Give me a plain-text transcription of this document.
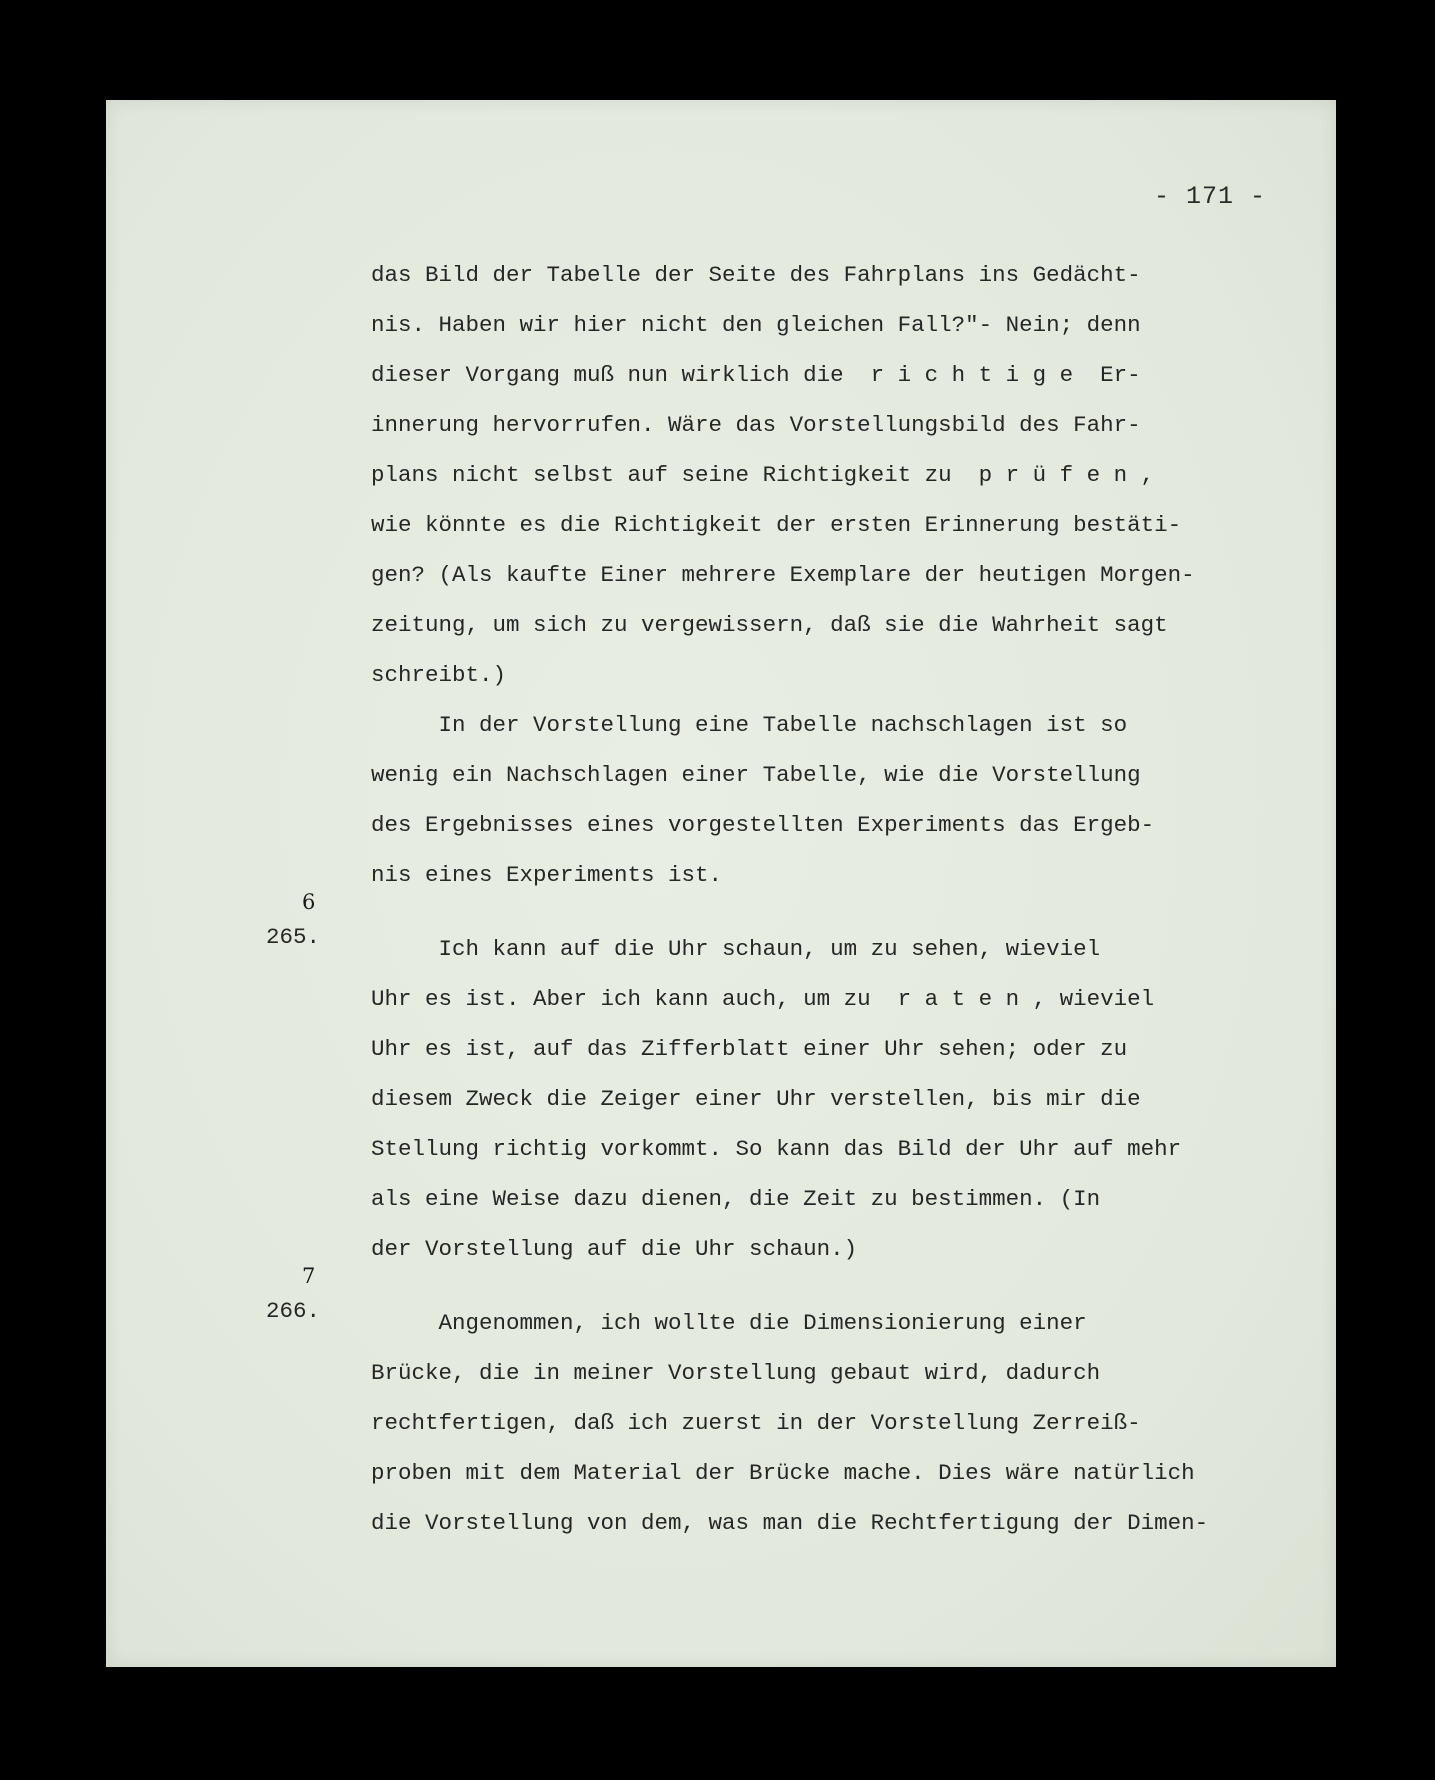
- 171 -
das Bild der Tabelle der Seite des Fahrplans ins Gedächt-
nis. Haben wir hier nicht den gleichen Fall?"- Nein; denn
dieser Vorgang muß nun wirklich die  r i c h t i g e  Er-
innerung hervorrufen. Wäre das Vorstellungsbild des Fahr-
plans nicht selbst auf seine Richtigkeit zu  p r ü f e n ,
wie könnte es die Richtigkeit der ersten Erinnerung bestäti-
gen? (Als kaufte Einer mehrere Exemplare der heutigen Morgen-
zeitung, um sich zu vergewissern, daß sie die Wahrheit sagt
schreibt.)
In der Vorstellung eine Tabelle nachschlagen ist so
wenig ein Nachschlagen einer Tabelle, wie die Vorstellung
des Ergebnisses eines vorgestellten Experiments das Ergeb-
nis eines Experiments ist.
265.
6
Ich kann auf die Uhr schaun, um zu sehen, wieviel
Uhr es ist. Aber ich kann auch, um zu  r a t e n , wieviel
Uhr es ist, auf das Zifferblatt einer Uhr sehen; oder zu
diesem Zweck die Zeiger einer Uhr verstellen, bis mir die
Stellung richtig vorkommt. So kann das Bild der Uhr auf mehr
als eine Weise dazu dienen, die Zeit zu bestimmen. (In
der Vorstellung auf die Uhr schaun.)
266.
7
Angenommen, ich wollte die Dimensionierung einer
Brücke, die in meiner Vorstellung gebaut wird, dadurch
rechtfertigen, daß ich zuerst in der Vorstellung Zerreiß-
proben mit dem Material der Brücke mache. Dies wäre natürlich
die Vorstellung von dem, was man die Rechtfertigung der Dimen-
